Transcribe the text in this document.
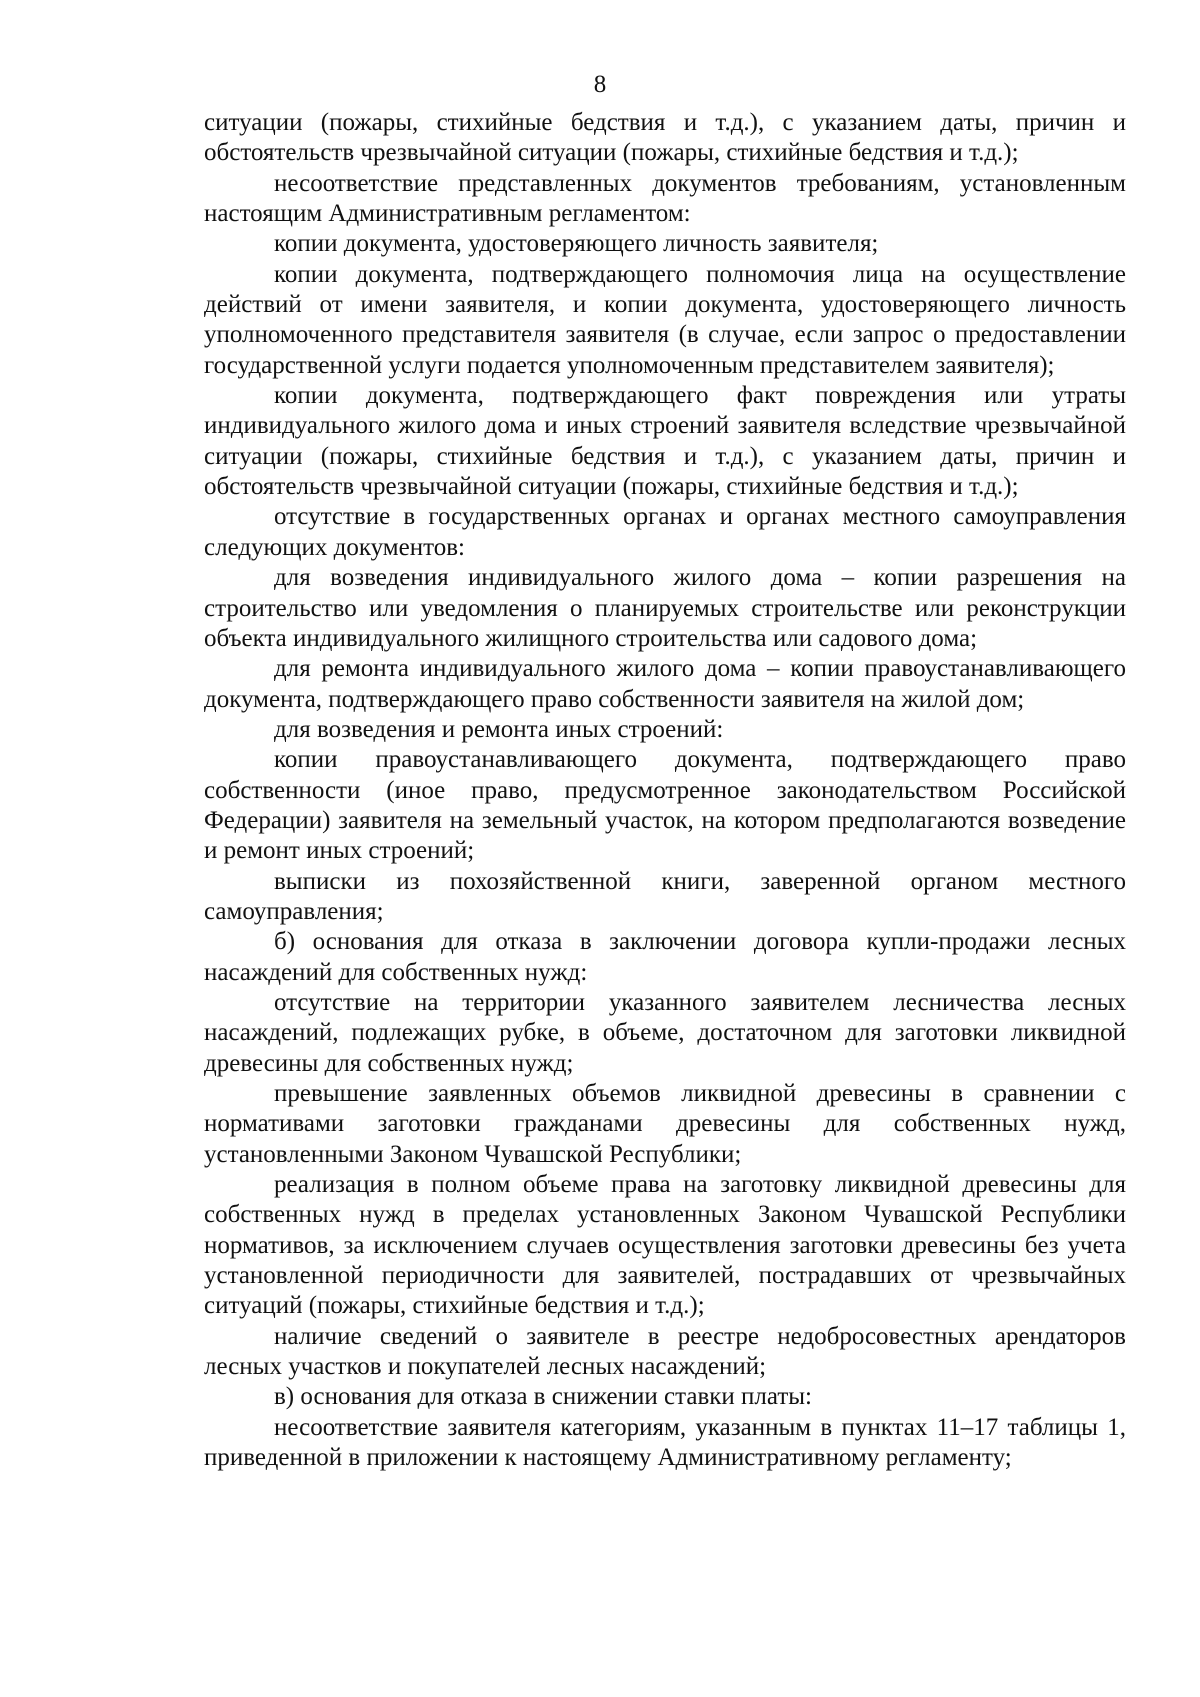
8

ситуации (пожары, стихийные бедствия и т.д.), с указанием даты, причин и обстоятельств чрезвычайной ситуации (пожары, стихийные бедствия и т.д.);

несоответствие представленных документов требованиям, установленным настоящим Административным регламентом:

копии документа, удостоверяющего личность заявителя;

копии документа, подтверждающего полномочия лица на осуществление действий от имени заявителя, и копии документа, удостоверяющего личность уполномоченного представителя заявителя (в случае, если запрос о предоставлении государственной услуги подается уполномоченным представителем заявителя);

копии документа, подтверждающего факт повреждения или утраты индивидуального жилого дома и иных строений заявителя вследствие чрезвычайной ситуации (пожары, стихийные бедствия и т.д.), с указанием даты, причин и обстоятельств чрезвычайной ситуации (пожары, стихийные бедствия и т.д.);

отсутствие в государственных органах и органах местного самоуправления следующих документов:

для возведения индивидуального жилого дома – копии разрешения на строительство или уведомления о планируемых строительстве или реконструкции объекта индивидуального жилищного строительства или садового дома;

для ремонта индивидуального жилого дома – копии правоустанавливающего документа, подтверждающего право собственности заявителя на жилой дом;

для возведения и ремонта иных строений:

копии правоустанавливающего документа, подтверждающего право собственности (иное право, предусмотренное законодательством Российской Федерации) заявителя на земельный участок, на котором предполагаются возведение и ремонт иных строений;

выписки из похозяйственной книги, заверенной органом местного самоуправления;

б) основания для отказа в заключении договора купли-продажи лесных насаждений для собственных нужд:

отсутствие на территории указанного заявителем лесничества лесных насаждений, подлежащих рубке, в объеме, достаточном для заготовки ликвидной древесины для собственных нужд;

превышение заявленных объемов ликвидной древесины в сравнении с нормативами заготовки гражданами древесины для собственных нужд, установленными Законом Чувашской Республики;

реализация в полном объеме права на заготовку ликвидной древесины для собственных нужд в пределах установленных Законом Чувашской Республики нормативов, за исключением случаев осуществления заготовки древесины без учета установленной периодичности для заявителей, пострадавших от чрезвычайных ситуаций (пожары, стихийные бедствия и т.д.);

наличие сведений о заявителе в реестре недобросовестных арендаторов лесных участков и покупателей лесных насаждений;

в) основания для отказа в снижении ставки платы:

несоответствие заявителя категориям, указанным в пунктах 11–17 таблицы 1, приведенной в приложении к настоящему Административному регламенту;
